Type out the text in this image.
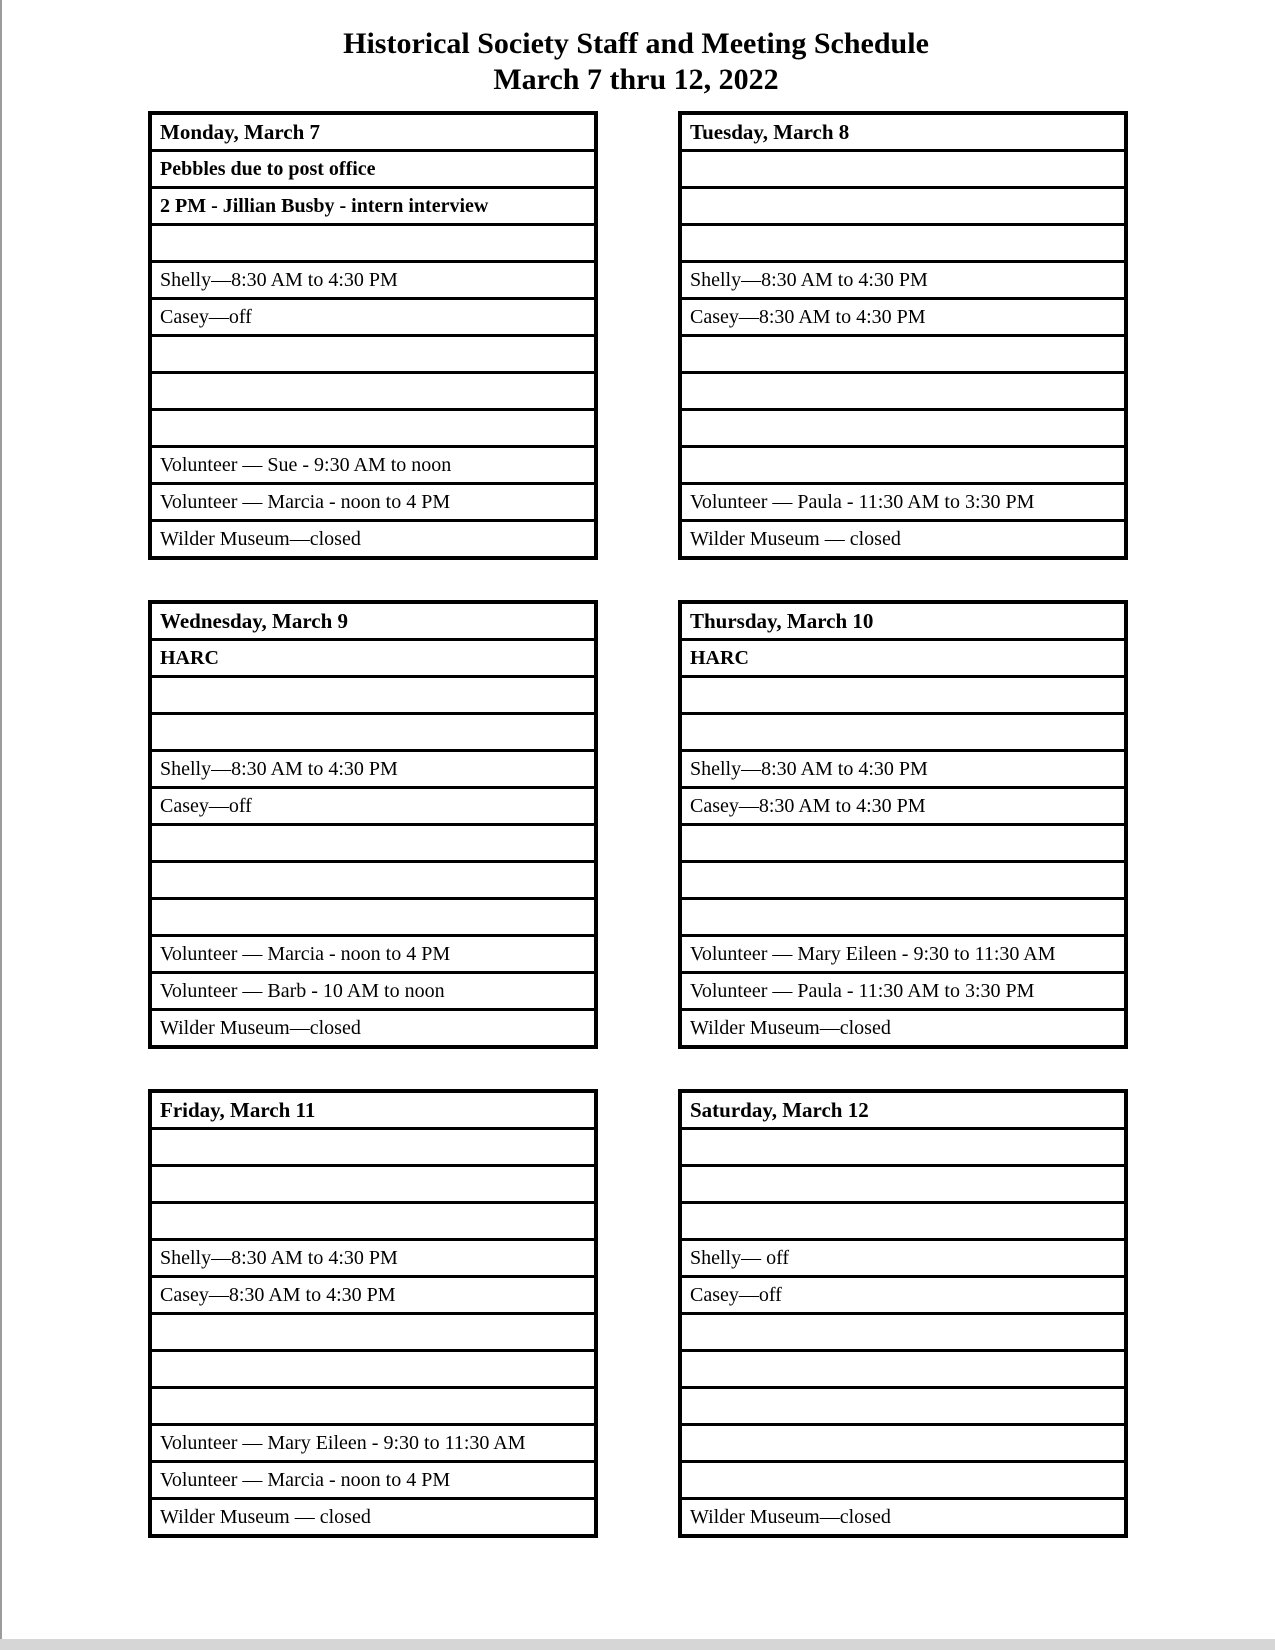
Historical Society Staff and Meeting Schedule
March 7 thru 12, 2022
Monday, March 7
Pebbles due to post office
2 PM - Jillian Busby - intern interview
Shelly—8:30 AM to 4:30 PM
Casey—off
Volunteer — Sue - 9:30 AM to noon
Volunteer — Marcia - noon to 4 PM
Wilder Museum—closed
Tuesday, March 8
Shelly—8:30 AM to 4:30 PM
Casey—8:30 AM to 4:30 PM
Volunteer — Paula - 11:30 AM to 3:30 PM
Wilder Museum — closed
Wednesday, March 9
HARC
Shelly—8:30 AM to 4:30 PM
Casey—off
Volunteer — Marcia - noon to 4 PM
Volunteer — Barb - 10 AM to noon
Wilder Museum—closed
Thursday, March 10
HARC
Shelly—8:30 AM to 4:30 PM
Casey—8:30 AM to 4:30 PM
Volunteer — Mary Eileen - 9:30 to 11:30 AM
Volunteer — Paula - 11:30 AM to 3:30 PM
Wilder Museum—closed
Friday, March 11
Shelly—8:30 AM to 4:30 PM
Casey—8:30 AM to 4:30 PM
Volunteer — Mary Eileen - 9:30 to 11:30 AM
Volunteer — Marcia - noon to 4 PM
Wilder Museum — closed
Saturday, March 12
Shelly— off
Casey—off
Wilder Museum—closed
